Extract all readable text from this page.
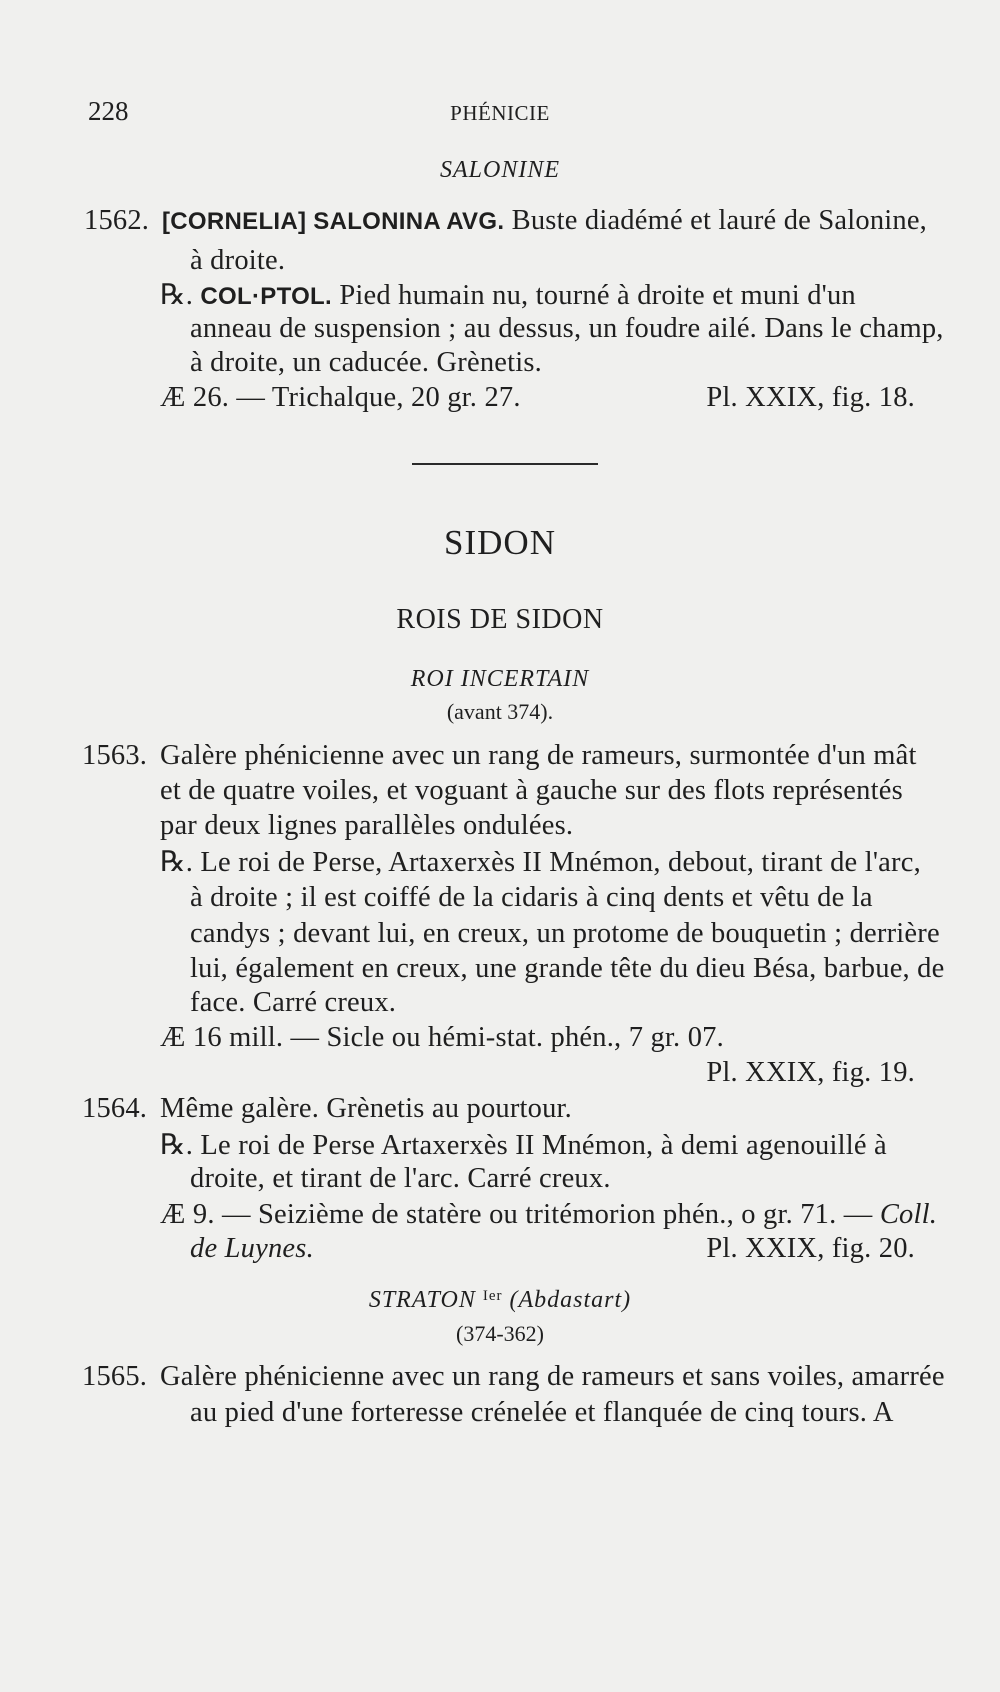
228	PHÉNICIE
SALONINE
1562. [CORNELIA] SALONINA AVG. Buste diadémé et lauré de Salonine,
à droite.
℞. COL·PTOL. Pied humain nu, tourné à droite et muni d'un
anneau de suspension ; au dessus, un foudre ailé. Dans le champ,
à droite, un caducée. Grènetis.
Æ 26. — Trichalque, 20 gr. 27.	Pl. XXIX, fig. 18.
SIDON
ROIS DE SIDON
ROI INCERTAIN
(avant 374).
1563. Galère phénicienne avec un rang de rameurs, surmontée d'un mât
et de quatre voiles, et voguant à gauche sur des flots représentés
par deux lignes parallèles ondulées.
℞. Le roi de Perse, Artaxerxès II Mnémon, debout, tirant de l'arc,
à droite ; il est coiffé de la cidaris à cinq dents et vêtu de la
candys ; devant lui, en creux, un protome de bouquetin ; derrière
lui, également en creux, une grande tête du dieu Bésa, barbue, de
face. Carré creux.
Æ 16 mill. — Sicle ou hémi-stat. phén., 7 gr. 07.
Pl. XXIX, fig. 19.
1564. Même galère. Grènetis au pourtour.
℞. Le roi de Perse Artaxerxès II Mnémon, à demi agenouillé à
droite, et tirant de l'arc. Carré creux.
Æ 9. — Seizième de statère ou tritémorion phén., o gr. 71. — Coll.
de Luynes.	Pl. XXIX, fig. 20.
STRATON $^{Ier}$ (Abdastart)
(374-362)
1565. Galère phénicienne avec un rang de rameurs et sans voiles, amarrée
au pied d'une forteresse crénelée et flanquée de cinq tours. A
